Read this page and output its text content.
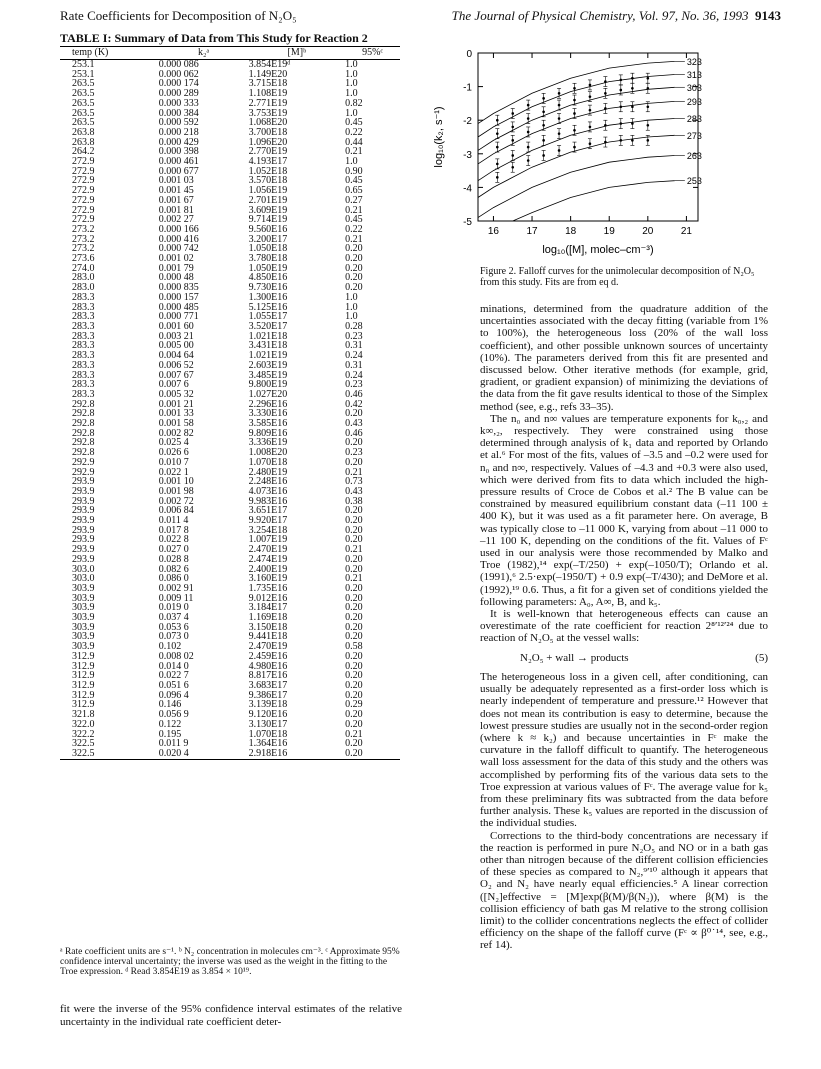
Rate Coefficients for Decomposition of N₂O₅	The Journal of Physical Chemistry, Vol. 97, No. 36, 1993 9143
TABLE I: Summary of Data from This Study for Reaction 2
temp (K)	k₂ᵃ	[M]ᵇ	95%ᶜ
253.1	0.000 086	3.854E19ᵈ	1.0
253.1	0.000 062	1.149E20	1.0
263.5	0.000 174	3.715E18	1.0
263.5	0.000 289	1.108E19	1.0
263.5	0.000 333	2.771E19	0.82
263.5	0.000 384	3.753E19	1.0
263.5	0.000 592	1.068E20	0.45
263.8	0.000 218	3.700E18	0.22
263.8	0.000 429	1.096E20	0.44
264.2	0.000 398	2.770E19	0.21
272.9	0.000 461	4.193E17	1.0
272.9	0.000 677	1.052E18	0.90
272.9	0.001 03	3.570E18	0.45
272.9	0.001 45	1.056E19	0.65
272.9	0.001 67	2.701E19	0.27
272.9	0.001 81	3.609E19	0.21
272.9	0.002 27	9.714E19	0.45
273.2	0.000 166	9.560E16	0.22
273.2	0.000 416	3.200E17	0.21
273.2	0.000 742	1.050E18	0.20
273.6	0.001 02	3.780E18	0.20
274.0	0.001 79	1.050E19	0.20
283.0	0.000 48	4.850E16	0.20
283.0	0.000 835	9.730E16	0.20
283.3	0.000 157	1.300E16	1.0
283.3	0.000 485	5.125E16	1.0
283.3	0.000 771	1.055E17	1.0
283.3	0.001 60	3.520E17	0.28
283.3	0.003 21	1.021E18	0.23
283.3	0.005 00	3.431E18	0.31
283.3	0.004 64	1.021E19	0.24
283.3	0.006 52	2.603E19	0.31
283.3	0.007 67	3.485E19	0.24
283.3	0.007 6	9.800E19	0.23
283.3	0.005 32	1.027E20	0.46
292.8	0.001 21	2.296E16	0.42
292.8	0.001 33	3.330E16	0.20
292.8	0.001 58	3.585E16	0.43
292.8	0.002 82	9.809E16	0.46
292.8	0.025 4	3.336E19	0.20
292.8	0.026 6	1.008E20	0.23
292.9	0.010 7	1.070E18	0.20
292.9	0.022 1	2.480E19	0.21
293.9	0.001 10	2.248E16	0.73
293.9	0.001 98	4.073E16	0.43
293.9	0.002 72	9.983E16	0.38
293.9	0.006 84	3.651E17	0.20
293.9	0.011 4	9.920E17	0.20
293.9	0.017 8	3.254E18	0.20
293.9	0.022 8	1.007E19	0.20
293.9	0.027 0	2.470E19	0.21
293.9	0.028 8	2.474E19	0.20
303.0	0.082 6	2.400E19	0.20
303.0	0.086 0	3.160E19	0.21
303.9	0.002 91	1.735E16	0.20
303.9	0.009 11	9.012E16	0.20
303.9	0.019 0	3.184E17	0.20
303.9	0.037 4	1.169E18	0.20
303.9	0.053 6	3.150E18	0.20
303.9	0.073 0	9.441E18	0.20
303.9	0.102	2.470E19	0.58
312.9	0.008 02	2.459E16	0.20
312.9	0.014 0	4.980E16	0.20
312.9	0.022 7	8.817E16	0.20
312.9	0.051 6	3.683E17	0.20
312.9	0.096 4	9.386E17	0.20
312.9	0.146	3.139E18	0.29
321.8	0.056 9	9.120E16	0.20
322.0	0.122	3.130E17	0.20
322.2	0.195	1.070E18	0.21
322.5	0.011 9	1.364E16	0.20
322.5	0.020 4	2.918E16	0.20
ᵃ Rate coefficient units are s⁻¹. ᵇ N₂ concentration in molecules cm⁻³. ᶜ Approximate 95% confidence interval uncertainty; the inverse was used as the weight in the fitting to the Troe expression. ᵈ Read 3.854E19 as 3.854 × 10¹⁹.
fit were the inverse of the 95% confidence interval estimates of the relative uncertainty in the individual rate coefficient deter-
16	17	18	19	20	21
0
-1
-2
-3
-4
-5
log₁₀([M], molec–cm⁻³)
log₁₀(k₂, s⁻¹)
323
313
303
293
283
273
263
253
Figure 2. Falloff curves for the unimolecular decomposition of N₂O₅ from this study. Fits are from eq d.

minations, determined from the quadrature addition of the uncertainties associated with the decay fitting (variable from 1% to 100%), the heterogeneous loss (20% of the wall loss coefficient), and other possible unknown sources of uncertainty (10%). The parameters derived from this fit are presented and discussed below. Other iterative methods (for example, grid, gradient, or gradient expansion) of minimizing the deviations of the data from the fit gave results identical to those of the Simplex method (see, e.g., refs 33–35).

The n₀ and n∞ values are temperature exponents for k₀,₂ and k∞,₂, respectively. They were constrained using those determined through analysis of k₁ data and reported by Orlando et al.⁶ For most of the fits, values of –3.5 and –0.2 were used for n₀ and n∞, respectively. Values of –4.3 and +0.3 were also used, which were derived from fits to data which included the high-pressure results of Croce de Cobos et al.² The B value can be constrained by measured equilibrium constant data (–11 100 ± 400 K), but it was used as a fit parameter here. On average, B was typically close to –11 000 K, varying from about –11 000 to –11 100 K, depending on the conditions of the fit. Values of Fᶜ used in our analysis were those recommended by Malko and Troe (1982),¹⁴ exp(–T/250) + exp(–1050/T); Orlando et al. (1991),⁶ 2.5·exp(–1950/T) + 0.9 exp(–T/430); and DeMore et al. (1992),¹⁹ 0.6. Thus, a fit for a given set of conditions yielded the following parameters: A₀, A∞, B, and k₅.

It is well-known that heterogeneous effects can cause an overestimate of the rate coefficient for reaction 2⁸ʹ¹²ʹ²⁴ due to reaction of N₂O₅ at the vessel walls:

N₂O₅ + wall → products	(5)

The heterogeneous loss in a given cell, after conditioning, can usually be adequately represented as a first-order loss which is nearly independent of temperature and pressure.¹² However that does not mean its contribution is easy to determine, because the lowest pressure studies are usually not in the second-order region (where k ≈ k₂) and because uncertainties in Fᶜ make the curvature in the falloff difficult to quantify. The heterogeneous wall loss assessment for the data of this study and the others was accomplished by performing fits of the various data sets to the Troe expression at various values of Fᶜ. The average value for k₅ from these preliminary fits was subtracted from the data before further analysis. These k₅ values are reported in the discussion of the individual studies.

Corrections to the third-body concentrations are necessary if the reaction is performed in pure N₂O₅ and NO or in a bath gas other than nitrogen because of the different collision efficiencies of these species as compared to N₂,⁹ʹ¹⁰ although it appears that O₂ and N₂ have nearly equal efficiencies.⁵ A linear correction ([N₂]effective = [M]exp(β(M)/β(N₂)), where β(M) is the collision efficiency of bath gas M relative to the strong collision limit) to the collider concentrations neglects the effect of collider efficiency on the shape of the falloff curve (Fᶜ ∝ β⁰˙¹⁴, see, e.g., ref 14).
